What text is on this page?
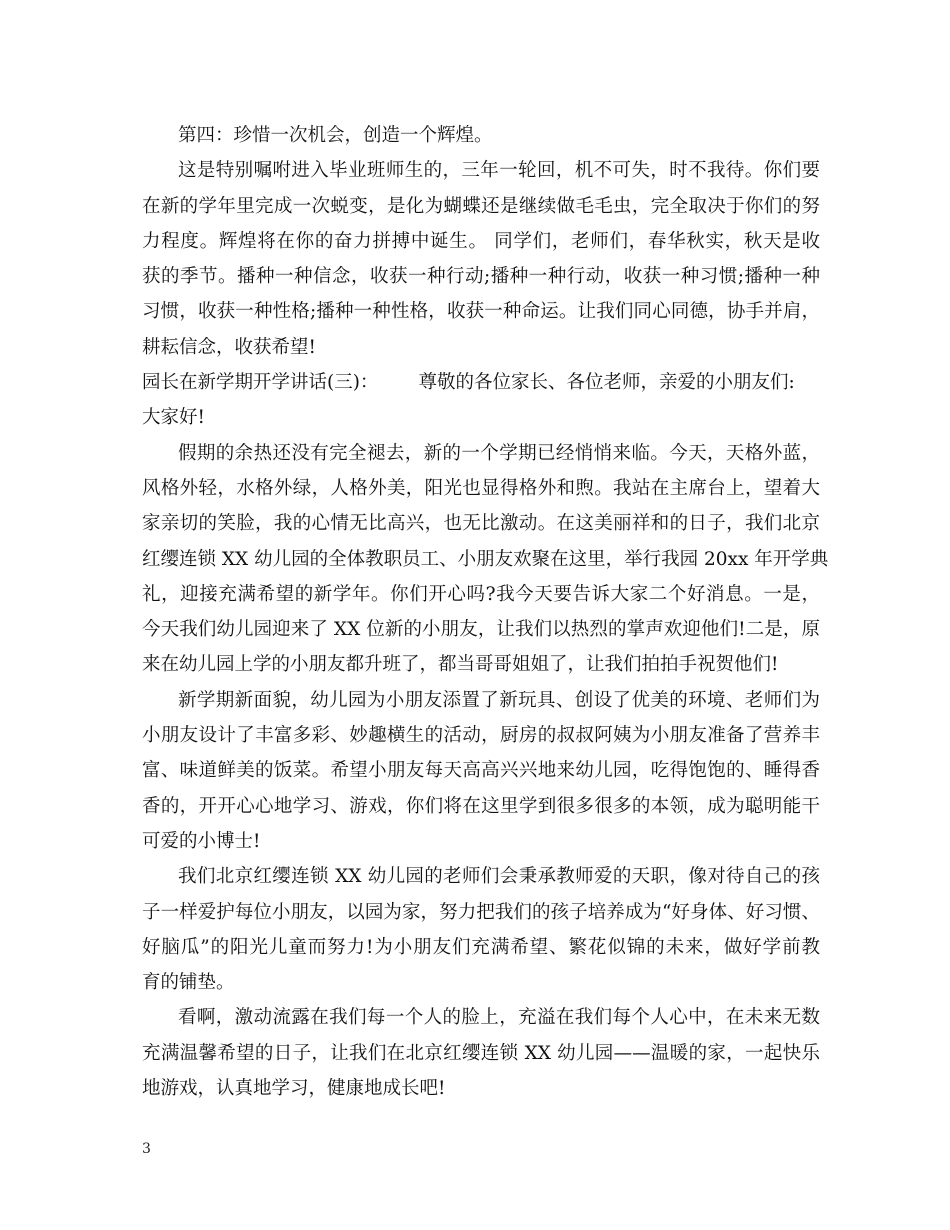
第四：珍惜一次机会，创造一个辉煌。
这是特别嘱咐进入毕业班师生的，三年一轮回，机不可失，时不我待。你们要
在新的学年里完成一次蜕变，是化为蝴蝶还是继续做毛毛虫，完全取决于你们的努
力程度。辉煌将在你的奋力拼搏中诞生。 同学们，老师们，春华秋实，秋天是收
获的季节。播种一种信念，收获一种行动;播种一种行动，收获一种习惯;播种一种
习惯，收获一种性格;播种一种性格，收获一种命运。让我们同心同德，协手并肩，
耕耘信念，收获希望!
园长在新学期开学讲话(三)： 尊敬的各位家长、各位老师，亲爱的小朋友们:
大家好!
假期的余热还没有完全褪去，新的一个学期已经悄悄来临。今天，天格外蓝，
风格外轻，水格外绿，人格外美，阳光也显得格外和煦。我站在主席台上，望着大
家亲切的笑脸，我的心情无比高兴，也无比激动。在这美丽祥和的日子，我们北京
红缨连锁 XX 幼儿园的全体教职员工、小朋友欢聚在这里，举行我园 20xx 年开学典
礼，迎接充满希望的新学年。你们开心吗?我今天要告诉大家二个好消息。一是，
今天我们幼儿园迎来了 XX 位新的小朋友，让我们以热烈的掌声欢迎他们!二是，原
来在幼儿园上学的小朋友都升班了，都当哥哥姐姐了，让我们拍拍手祝贺他们!
新学期新面貌，幼儿园为小朋友添置了新玩具、创设了优美的环境、老师们为
小朋友设计了丰富多彩、妙趣横生的活动，厨房的叔叔阿姨为小朋友准备了营养丰
富、味道鲜美的饭菜。希望小朋友每天高高兴兴地来幼儿园，吃得饱饱的、睡得香
香的，开开心心地学习、游戏，你们将在这里学到很多很多的本领，成为聪明能干
可爱的小博士!
我们北京红缨连锁 XX 幼儿园的老师们会秉承教师爱的天职，像对待自己的孩
子一样爱护每位小朋友，以园为家，努力把我们的孩子培养成为“好身体、好习惯、
好脑瓜”的阳光儿童而努力!为小朋友们充满希望、繁花似锦的未来，做好学前教
育的铺垫。
看啊，激动流露在我们每一个人的脸上，充溢在我们每个人心中，在未来无数
充满温馨希望的日子，让我们在北京红缨连锁 XX 幼儿园——温暖的家，一起快乐
地游戏，认真地学习，健康地成长吧!
3
